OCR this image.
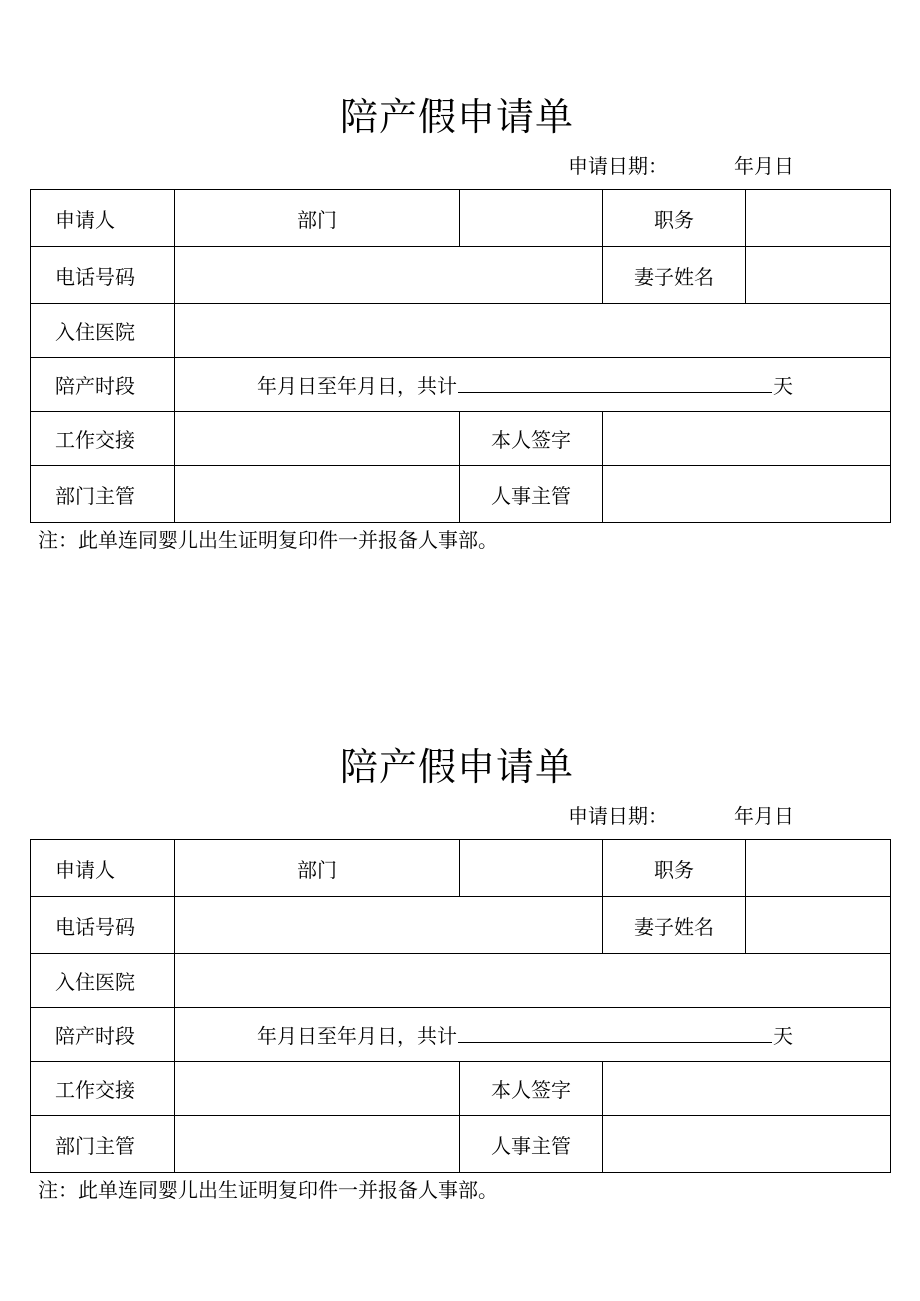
陪产假申请单
申请日期：	年月日
申请人	部门		职务	
电话号码			妻子姓名	
入住医院				
陪产时段	年月日至年月日，共计 天			
工作交接		本人签字		
部门主管		人事主管		
注：此单连同婴儿出生证明复印件一并报备人事部。
陪产假申请单
申请日期：	年月日
申请人	部门		职务	
电话号码			妻子姓名	
入住医院				
陪产时段	年月日至年月日，共计 天			
工作交接		本人签字		
部门主管		人事主管		
注：此单连同婴儿出生证明复印件一并报备人事部。
